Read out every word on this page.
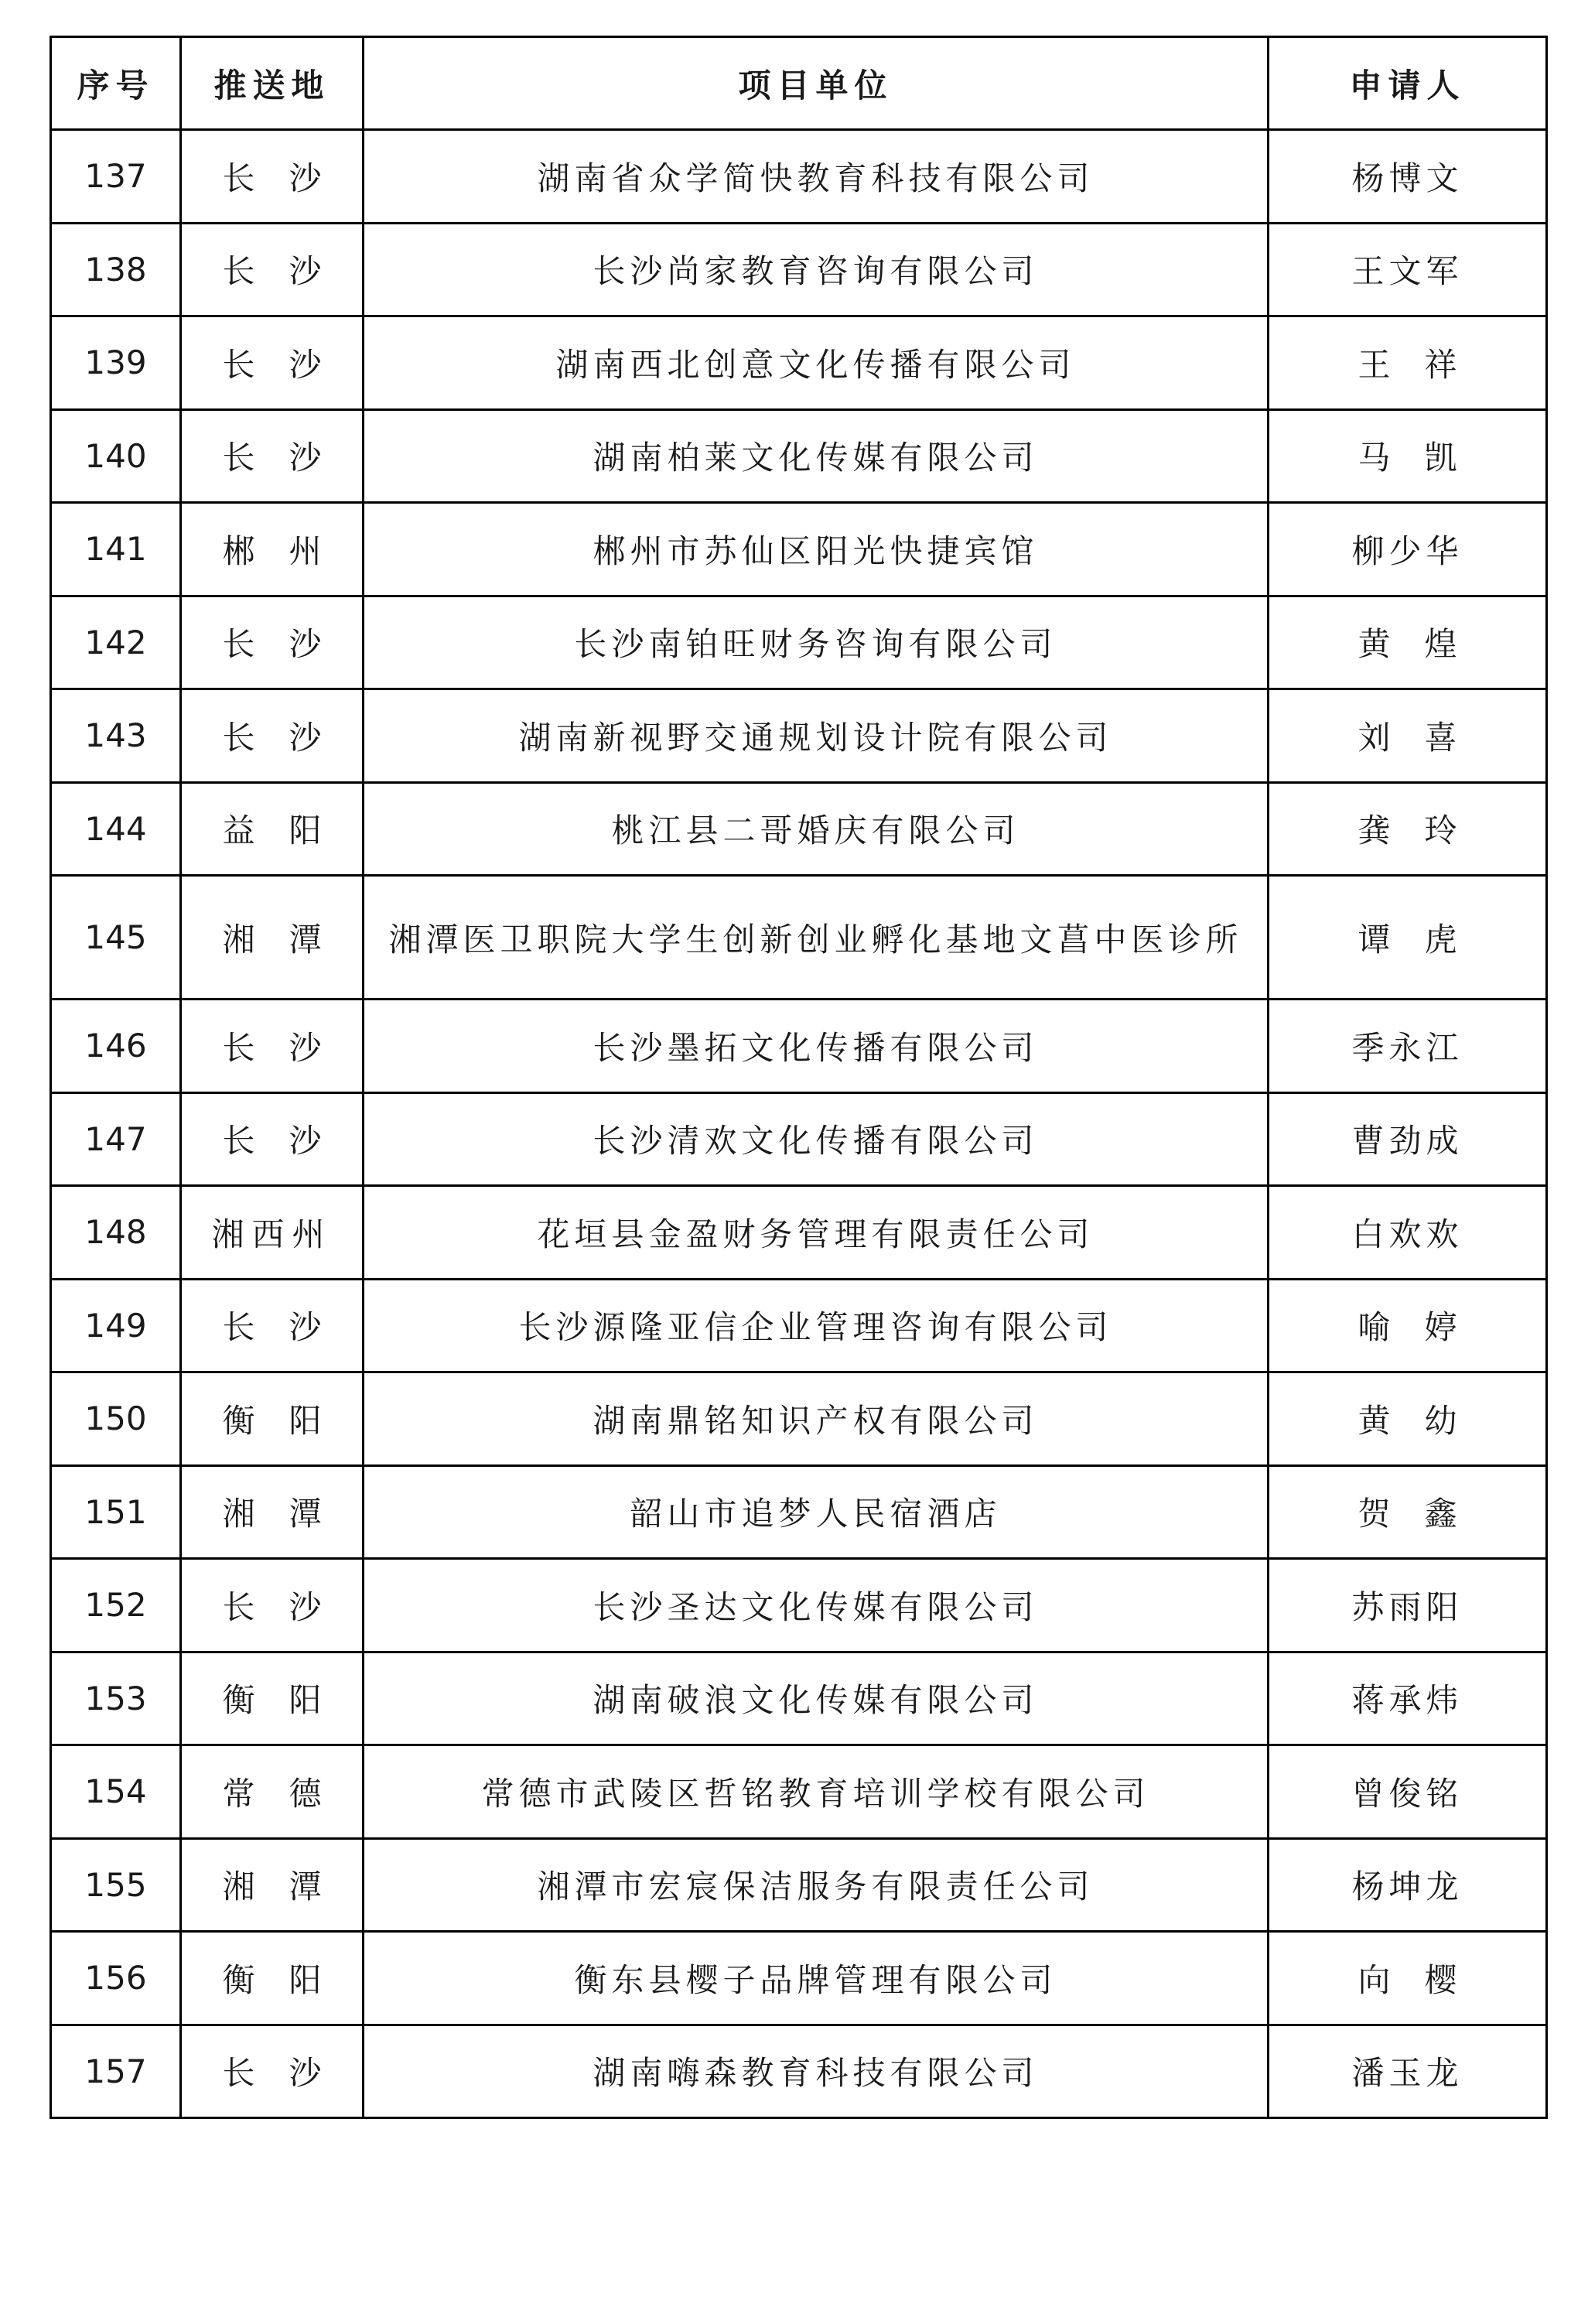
序号	推送地	项目单位	申请人
137	长沙	湖南省众学简快教育科技有限公司	杨博文
138	长沙	长沙尚家教育咨询有限公司	王文军
139	长沙	湖南西北创意文化传播有限公司	王祥
140	长沙	湖南柏莱文化传媒有限公司	马凯
141	郴州	郴州市苏仙区阳光快捷宾馆	柳少华
142	长沙	长沙南铂旺财务咨询有限公司	黄煌
143	长沙	湖南新视野交通规划设计院有限公司	刘喜
144	益阳	桃江县二哥婚庆有限公司	龚玲
145	湘潭	湘潭医卫职院大学生创新创业孵化基地文菖中医诊所	谭虎
146	长沙	长沙墨拓文化传播有限公司	季永江
147	长沙	长沙清欢文化传播有限公司	曹劲成
148	湘西州	花垣县金盈财务管理有限责任公司	白欢欢
149	长沙	长沙源隆亚信企业管理咨询有限公司	喻婷
150	衡阳	湖南鼎铭知识产权有限公司	黄幼
151	湘潭	韶山市追梦人民宿酒店	贺鑫
152	长沙	长沙圣达文化传媒有限公司	苏雨阳
153	衡阳	湖南破浪文化传媒有限公司	蒋承炜
154	常德	常德市武陵区哲铭教育培训学校有限公司	曾俊铭
155	湘潭	湘潭市宏宸保洁服务有限责任公司	杨坤龙
156	衡阳	衡东县樱子品牌管理有限公司	向樱
157	长沙	湖南嗨森教育科技有限公司	潘玉龙
